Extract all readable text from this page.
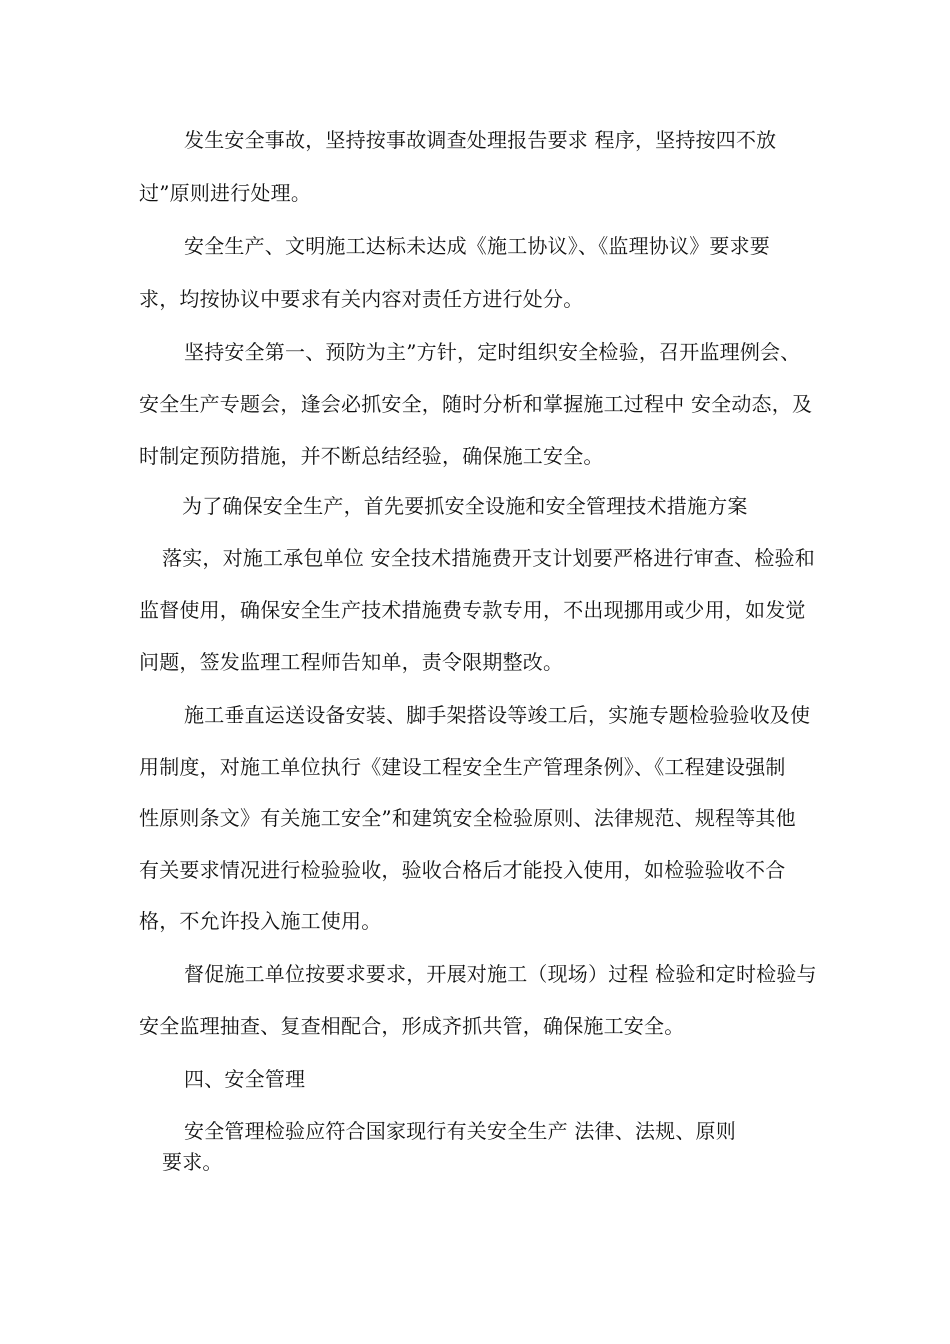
发生安全事故，坚持按事故调查处理报告要求 程序，坚持按四不放
过”原则进行处理。
安全生产、文明施工达标未达成《施工协议》、《监理协议》要求要
求，均按协议中要求有关内容对责任方进行处分。
坚持安全第一、预防为主”方针，定时组织安全检验，召开监理例会、
安全生产专题会，逢会必抓安全，随时分析和掌握施工过程中 安全动态，及
时制定预防措施，并不断总结经验，确保施工安全。
为了确保安全生产，首先要抓安全设施和安全管理技术措施方案
落实，对施工承包单位 安全技术措施费开支计划要严格进行审查、检验和
监督使用，确保安全生产技术措施费专款专用，不出现挪用或少用，如发觉
问题，签发监理工程师告知单，责令限期整改。
施工垂直运送设备安装、脚手架搭设等竣工后，实施专题检验验收及使
用制度，对施工单位执行《建设工程安全生产管理条例》、《工程建设强制
性原则条文》有关施工安全”和建筑安全检验原则、法律规范、规程等其他
有关要求情况进行检验验收，验收合格后才能投入使用，如检验验收不合
格，不允许投入施工使用。
督促施工单位按要求要求，开展对施工（现场）过程 检验和定时检验与
安全监理抽查、复查相配合，形成齐抓共管，确保施工安全。
四、安全管理
安全管理检验应符合国家现行有关安全生产 法律、法规、原则
要求。
